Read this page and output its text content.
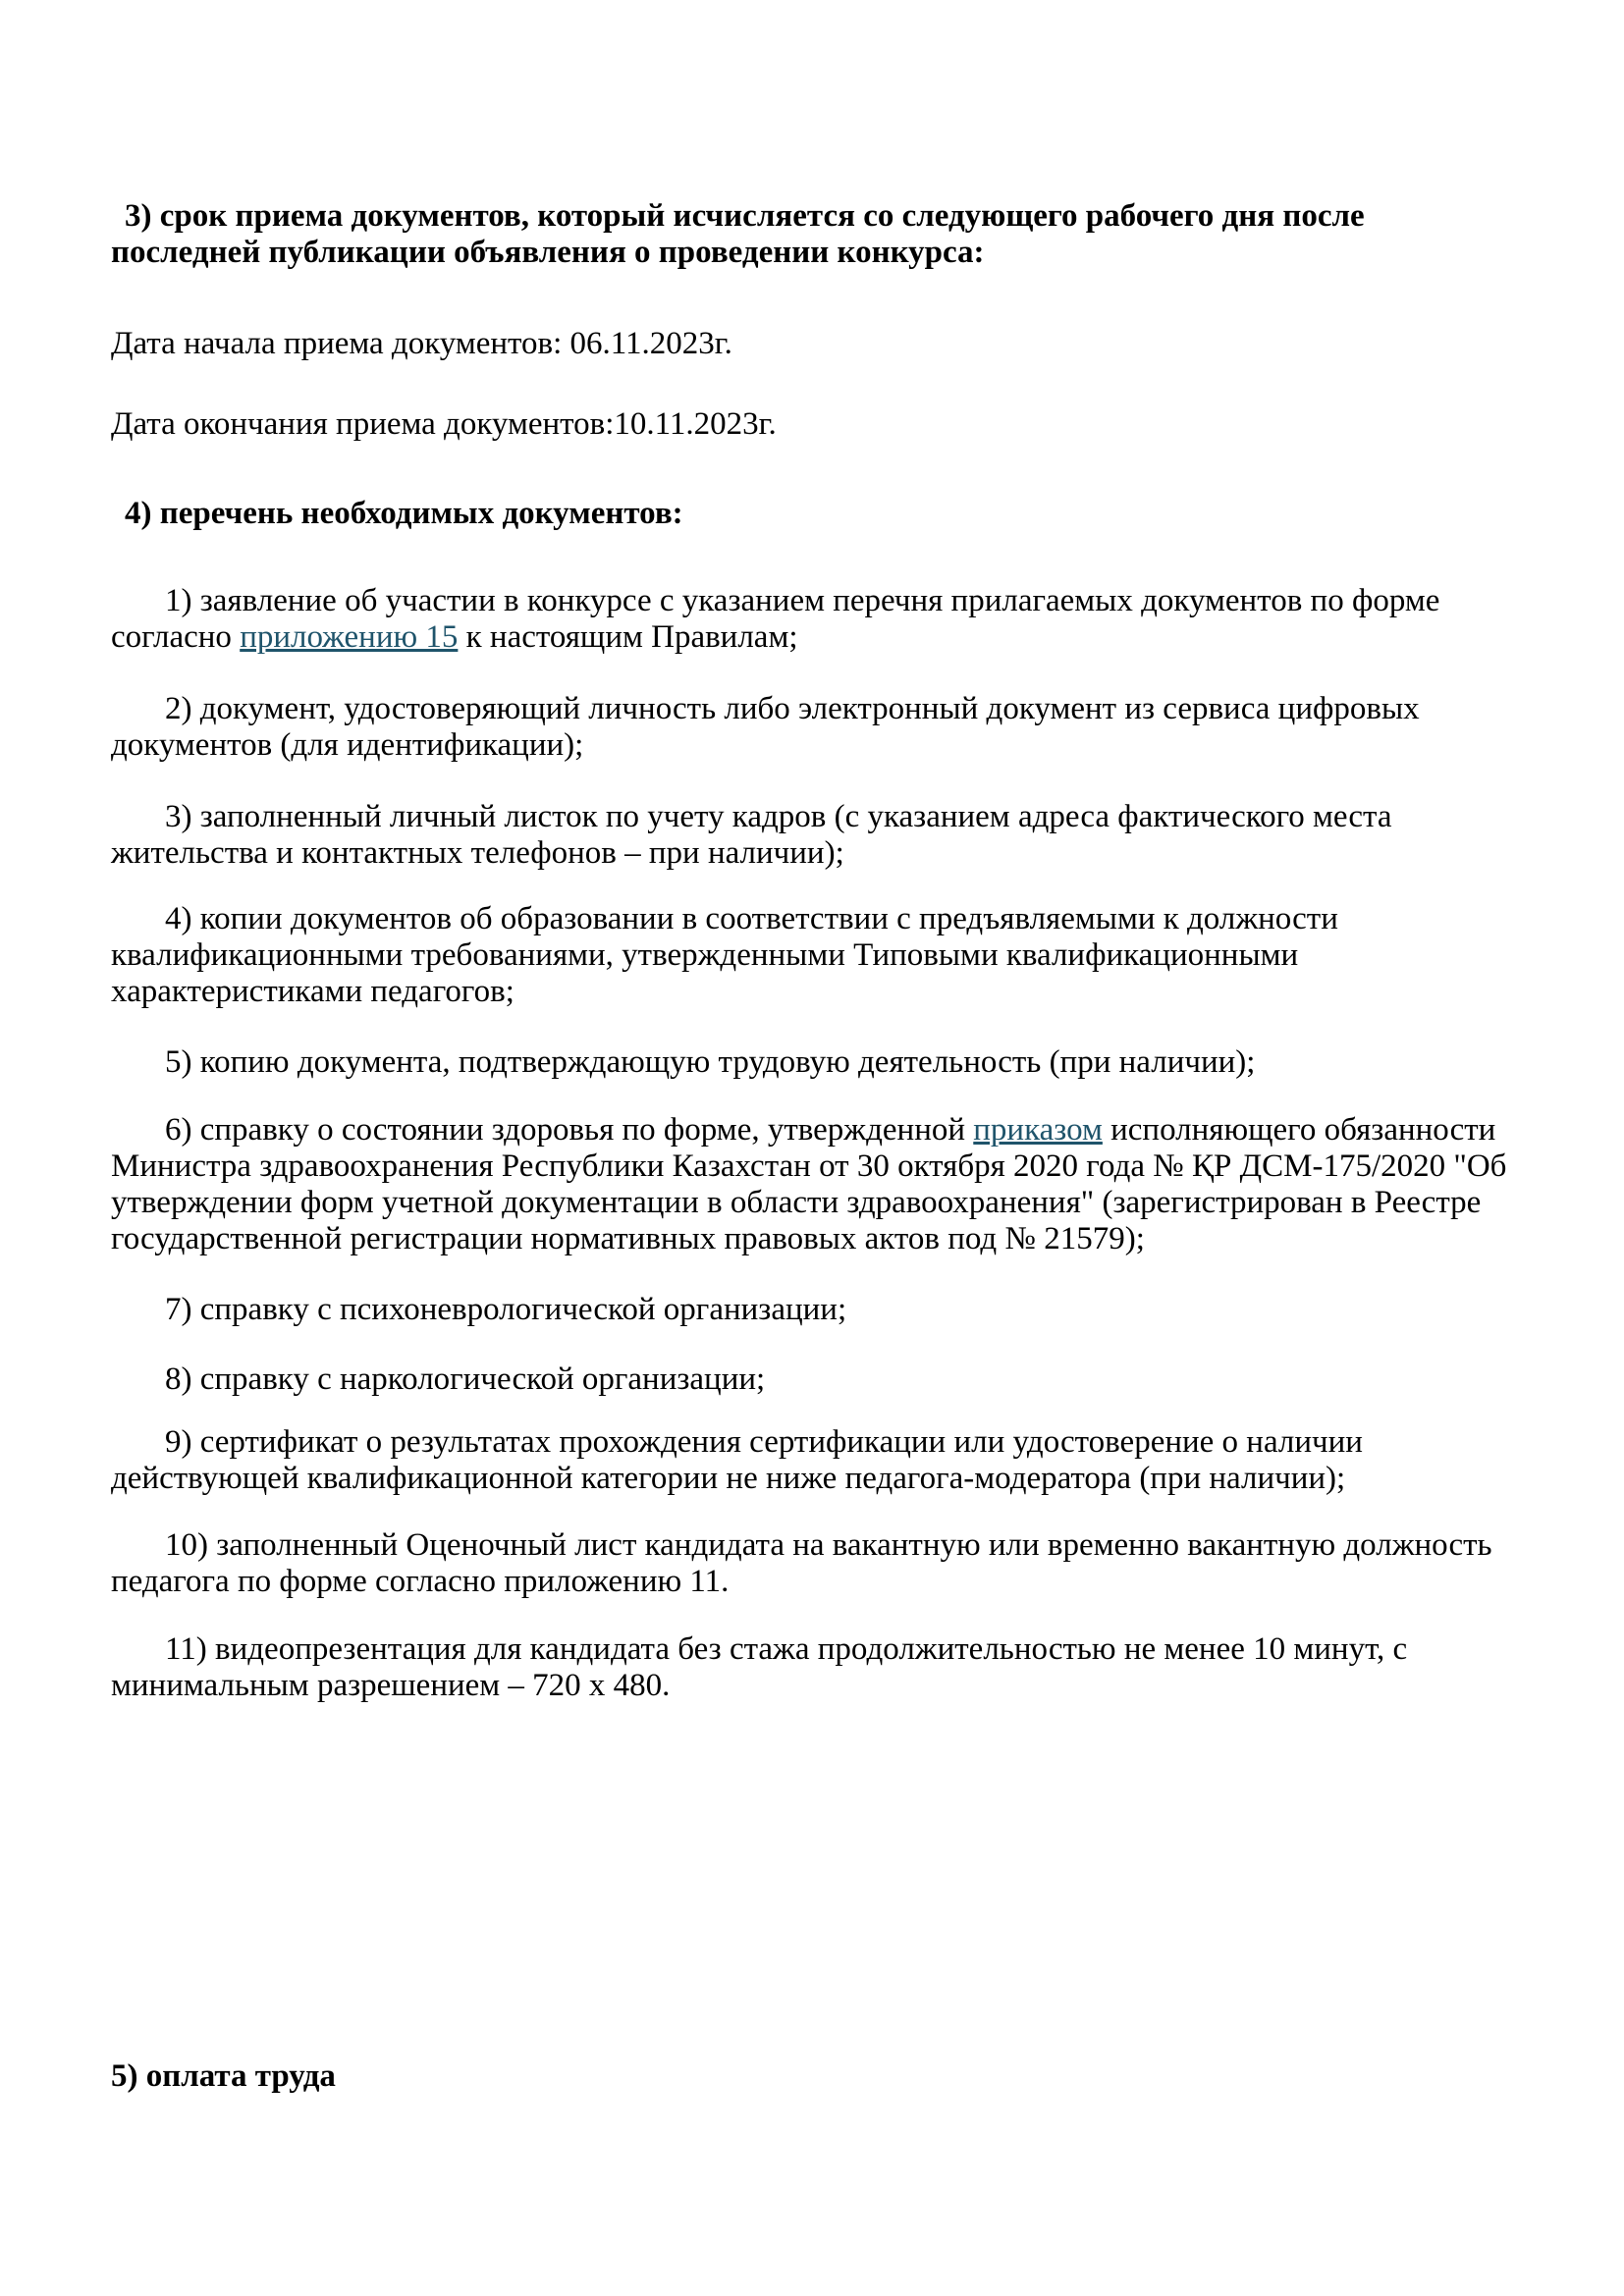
3) срок приема документов, который исчисляется со следующего рабочего дня после последней публикации объявления о проведении конкурса:

Дата начала приема документов: 06.11.2023г.

Дата окончания приема документов:10.11.2023г.

4) перечень необходимых документов:

1) заявление об участии в конкурсе с указанием перечня прилагаемых документов по форме согласно приложению 15 к настоящим Правилам;

2) документ, удостоверяющий личность либо электронный документ из сервиса цифровых документов (для идентификации);

3) заполненный личный листок по учету кадров (с указанием адреса фактического места жительства и контактных телефонов – при наличии);

4) копии документов об образовании в соответствии с предъявляемыми к должности квалификационными требованиями, утвержденными Типовыми квалификационными характеристиками педагогов;

5) копию документа, подтверждающую трудовую деятельность (при наличии);

6) справку о состоянии здоровья по форме, утвержденной приказом исполняющего обязанности Министра здравоохранения Республики Казахстан от 30 октября 2020 года № ҚР ДСМ-175/2020 "Об утверждении форм учетной документации в области здравоохранения" (зарегистрирован в Реестре государственной регистрации нормативных правовых актов под № 21579);

7) справку с психоневрологической организации;

8) справку с наркологической организации;

9) сертификат о результатах прохождения сертификации или удостоверение о наличии действующей квалификационной категории не ниже педагога-модератора (при наличии);

10) заполненный Оценочный лист кандидата на вакантную или временно вакантную должность педагога по форме согласно приложению 11.

11) видеопрезентация для кандидата без стажа продолжительностью не менее 10 минут, с минимальным разрешением – 720 х 480.

5) оплата труда
